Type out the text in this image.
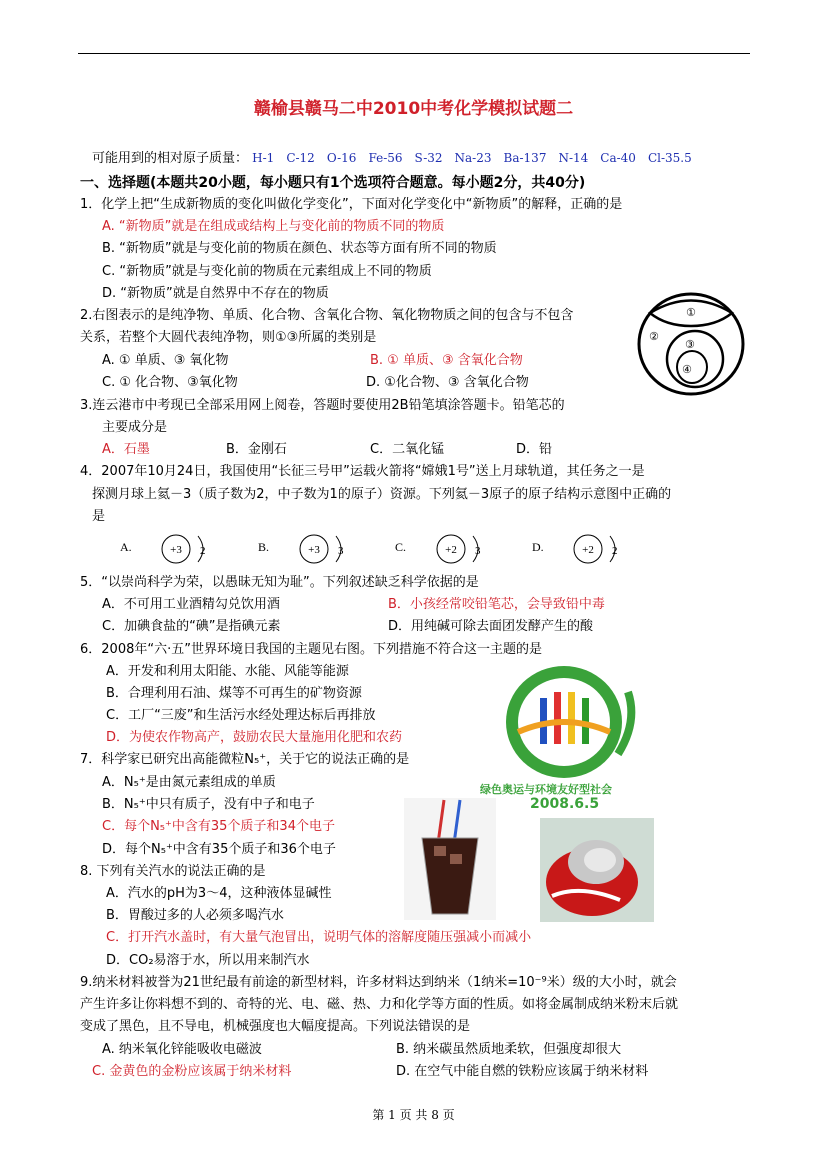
赣榆县赣马二中2010中考化学模拟试题二
可能用到的相对原子质量： H-1 C-12 O-16 Fe-56 S-32 Na-23 Ba-137 N-14 Ca-40 Cl-35.5
一、选择题(本题共20小题，每小题只有1个选项符合题意。每小题2分，共40分)
1．化学上把“生成新物质的变化叫做化学变化”，下面对化学变化中“新物质”的解释，正确的是
A. “新物质”就是在组成或结构上与变化前的物质不同的物质
B. “新物质”就是与变化前的物质在颜色、状态等方面有所不同的物质
C. “新物质”就是与变化前的物质在元素组成上不同的物质
D. “新物质”就是自然界中不存在的物质
2.右图表示的是纯净物、单质、化合物、含氧化合物、氧化物物质之间的包含与不包含
关系，若整个大圆代表纯净物，则①③所属的类别是
A. ① 单质、③ 氧化物	B. ① 单质、③ 含氧化合物
C. ① 化合物、③氧化物	D. ①化合物、③ 含氧化合物
①
②
③
④
3.连云港市中考现已全部采用网上阅卷，答题时要使用2B铅笔填涂答题卡。铅笔芯的
主要成分是
A．石墨	B．金刚石	C．二氧化锰	D．铅
4．2007年10月24日，我国使用“长征三号甲”运载火箭将“嫦娥1号”送上月球轨道，其任务之一是
探测月球上氦－3（质子数为2，中子数为1的原子）资源。下列氦－3原子的原子结构示意图中正确的
是
A.	+3 2	B.	+3 3	C.	+2 3	D.	+2 2
5．“以崇尚科学为荣，以愚昧无知为耻”。下列叙述缺乏科学依据的是
A．不可用工业酒精勾兑饮用酒	B．小孩经常咬铅笔芯，会导致铅中毒
C．加碘食盐的“碘”是指碘元素	D．用纯碱可除去面团发酵产生的酸
6．2008年“六·五”世界环境日我国的主题见右图。下列措施不符合这一主题的是
A．开发和利用太阳能、水能、风能等能源
B．合理利用石油、煤等不可再生的矿物资源
C．工厂“三废”和生活污水经处理达标后再排放
D．为使农作物高产，鼓励农民大量施用化肥和农药
绿色奥运与环境友好型社会
2008.6.5
7．科学家已研究出高能微粒N₅⁺，关于它的说法正确的是
A．N₅⁺是由氮元素组成的单质
B．N₅⁺中只有质子，没有中子和电子
C．每个N₅⁺中含有35个质子和34个电子
D．每个N₅⁺中含有35个质子和36个电子
8. 下列有关汽水的说法正确的是
A．汽水的pH为3～4，这种液体显碱性
B．胃酸过多的人必须多喝汽水
C．打开汽水盖时，有大量气泡冒出，说明气体的溶解度随压强减小而减小
D．CO₂易溶于水，所以用来制汽水
9.纳米材料被誉为21世纪最有前途的新型材料，许多材料达到纳米（1纳米=10⁻⁹米）级的大小时，就会
产生许多让你料想不到的、奇特的光、电、磁、热、力和化学等方面的性质。如将金属制成纳米粉末后就
变成了黑色，且不导电，机械强度也大幅度提高。下列说法错误的是
A. 纳米氧化锌能吸收电磁波	B. 纳米碳虽然质地柔软，但强度却很大
C. 金黄色的金粉应该属于纳米材料	D. 在空气中能自燃的铁粉应该属于纳米材料
第 1 页 共 8 页
